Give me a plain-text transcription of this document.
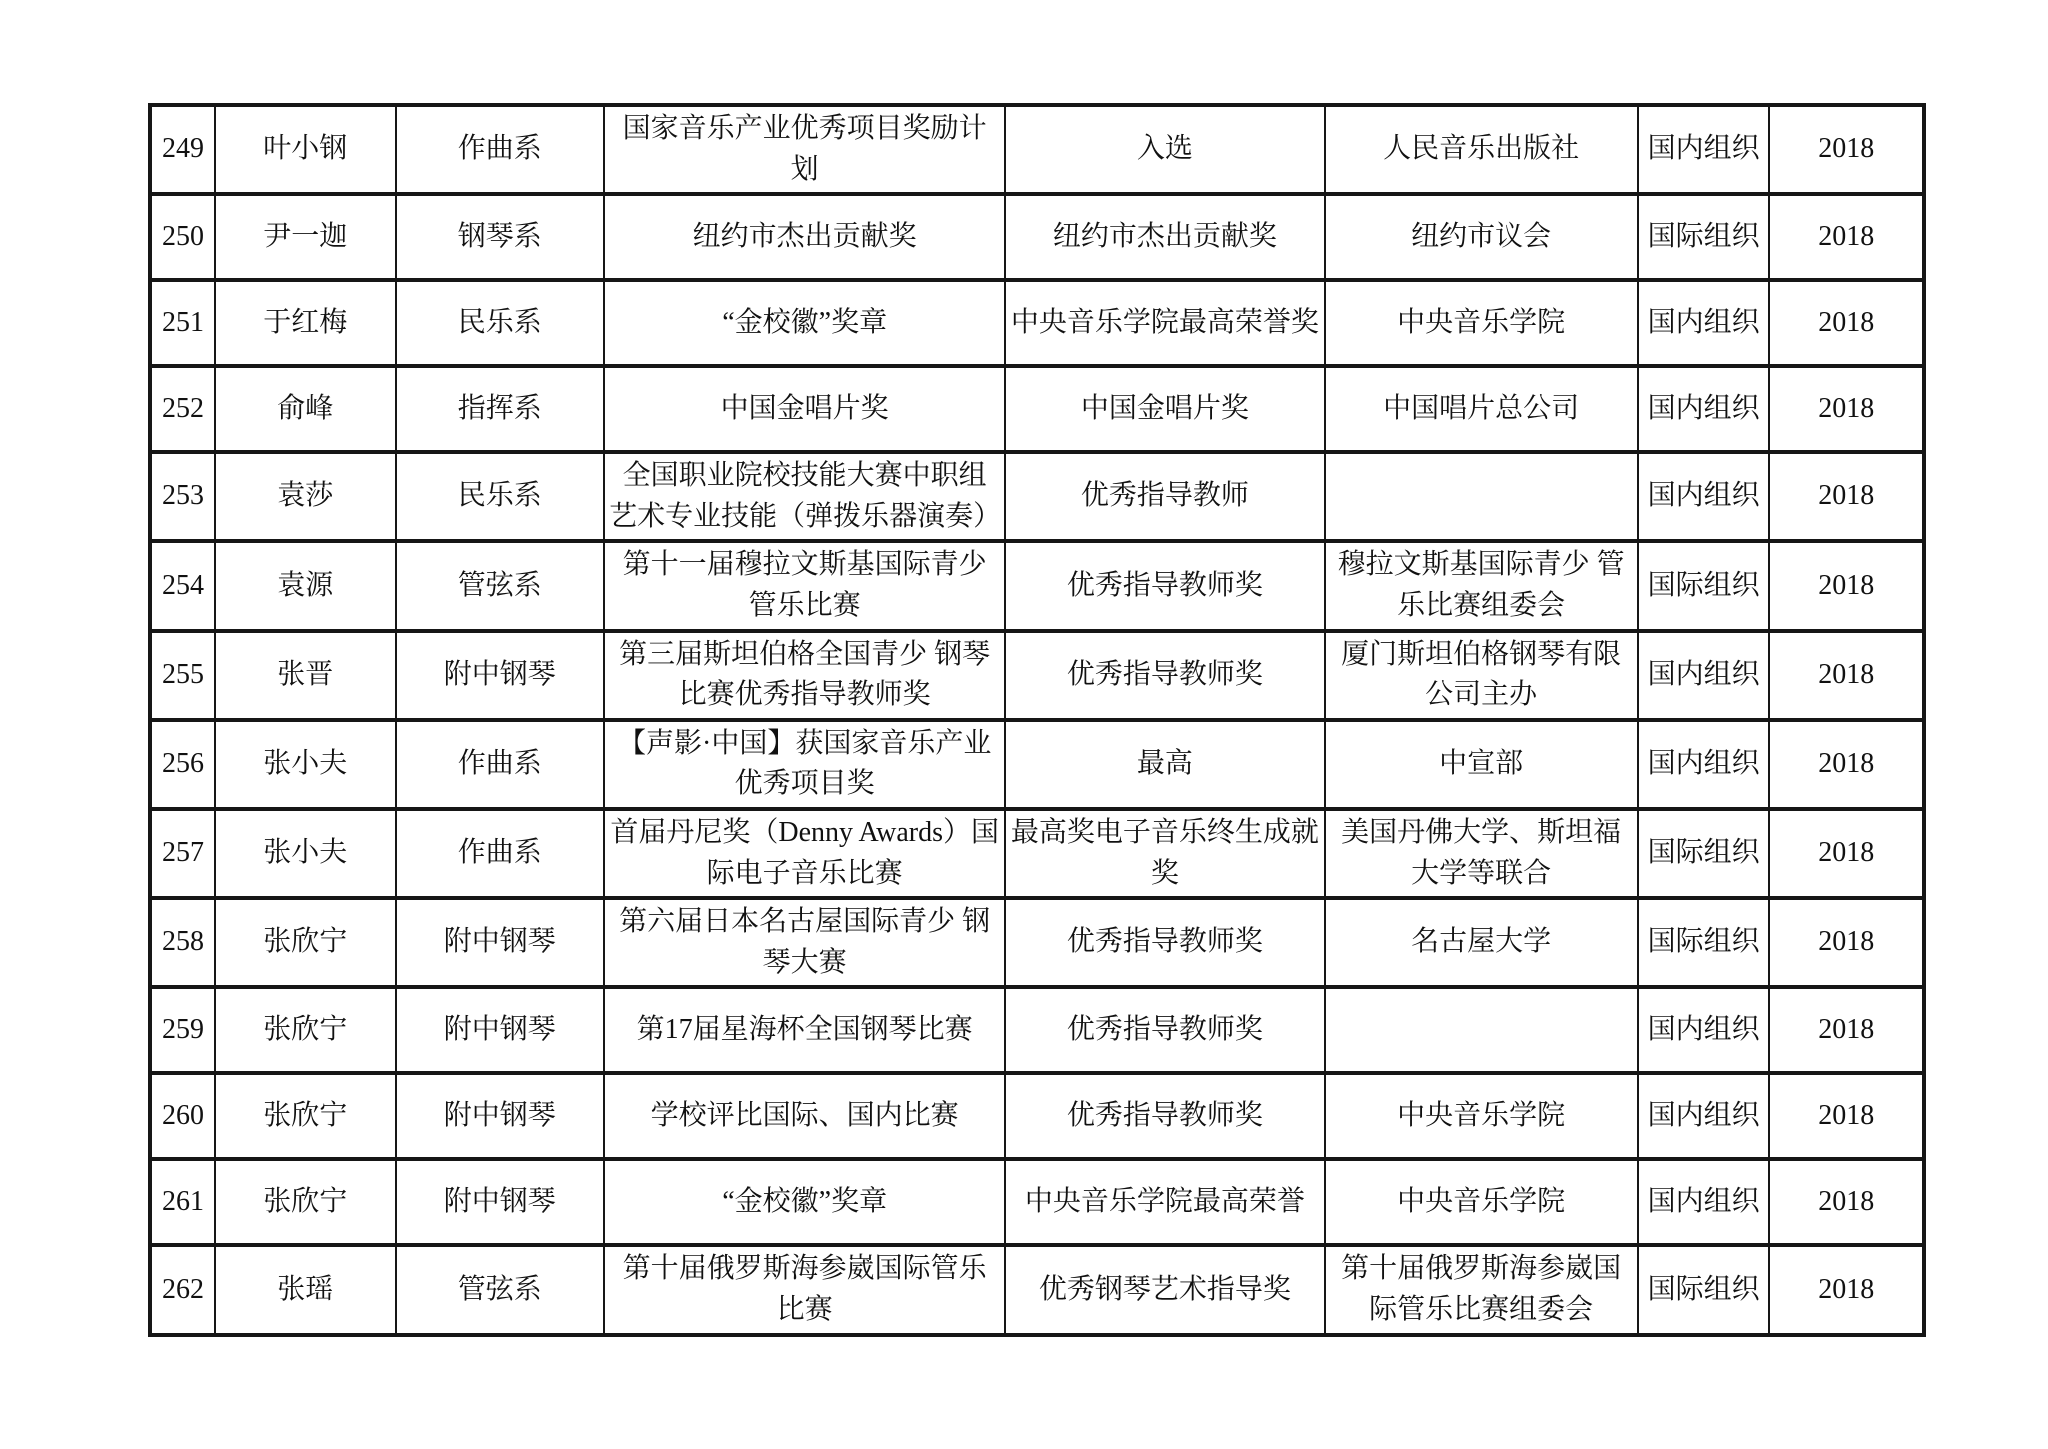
249	叶小钢	作曲系	国家音乐产业优秀项目奖励计划	入选	人民音乐出版社	国内组织	2018
250	尹一迦	钢琴系	纽约市杰出贡献奖	纽约市杰出贡献奖	纽约市议会	国际组织	2018
251	于红梅	民乐系	“金校徽”奖章	中央音乐学院最高荣誉奖	中央音乐学院	国内组织	2018
252	俞峰	指挥系	中国金唱片奖	中国金唱片奖	中国唱片总公司	国内组织	2018
253	袁莎	民乐系	全国职业院校技能大赛中职组艺术专业技能（弹拨乐器演奏）	优秀指导教师		国内组织	2018
254	袁源	管弦系	第十一届穆拉文斯基国际青少 管乐比赛	优秀指导教师奖	穆拉文斯基国际青少 管乐比赛组委会	国际组织	2018
255	张晋	附中钢琴	第三届斯坦伯格全国青少 钢琴比赛优秀指导教师奖	优秀指导教师奖	厦门斯坦伯格钢琴有限公司主办	国内组织	2018
256	张小夫	作曲系	【声影·中国】获国家音乐产业优秀项目奖	最高	中宣部	国内组织	2018
257	张小夫	作曲系	首届丹尼奖（Denny Awards）国际电子音乐比赛	最高奖电子音乐终生成就奖	美国丹佛大学、斯坦福大学等联合	国际组织	2018
258	张欣宁	附中钢琴	第六届日本名古屋国际青少 钢琴大赛	优秀指导教师奖	名古屋大学	国际组织	2018
259	张欣宁	附中钢琴	第17届星海杯全国钢琴比赛	优秀指导教师奖		国内组织	2018
260	张欣宁	附中钢琴	学校评比国际、国内比赛	优秀指导教师奖	中央音乐学院	国内组织	2018
261	张欣宁	附中钢琴	“金校徽”奖章	中央音乐学院最高荣誉	中央音乐学院	国内组织	2018
262	张瑶	管弦系	第十届俄罗斯海参崴国际管乐比赛	优秀钢琴艺术指导奖	第十届俄罗斯海参崴国际管乐比赛组委会	国际组织	2018
